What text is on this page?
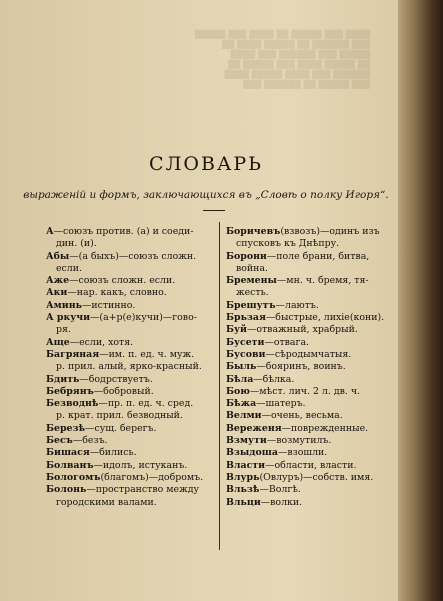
▒▒▒▒ ▒▒▒ ▒▒▒▒▒ ▒▒ ▒▒▒▒ ▒▒▒ ▒▒▒▒▒
▒▒▒ ▒▒▒▒▒▒ ▒▒ ▒▒▒▒▒ ▒▒▒▒ ▒▒
▒▒▒▒▒ ▒▒▒ ▒▒▒▒▒▒ ▒▒▒ ▒▒▒▒
▒▒ ▒▒▒▒▒ ▒▒▒▒ ▒▒▒ ▒▒▒▒▒ ▒▒
▒▒▒▒▒▒ ▒▒▒ ▒▒▒▒ ▒▒▒▒▒ ▒▒▒▒
▒▒▒ ▒▒▒▒▒ ▒▒ ▒▒▒▒▒▒ ▒▒▒
СЛОВАРЬ
выраженій и формъ, заключающихся въ „Словѣ о полку Игоря“.
А—союзъ против. (а) и соеди-
дин. (и).
Абы—(а быхъ)—союзъ сложн.
если.
Аже—союзъ сложн. если.
Аки—нар. какъ, словно.
Аминь—истинно.
А ркучи—(а+р(е)кучи)—гово-
ря.
Аще—если, хотя.
Багряная—им. п. ед. ч. муж.
р. прил. алый, ярко-красный.
Бдить—бодрствуетъ.
Бебрянъ—бобровый.
Безводнѣ—пр. п. ед. ч. сред.
р. крат. прил. безводный.
Березѣ—сущ. берегъ.
Бесъ—безъ.
Бишася—бились.
Болванъ—идолъ, истуканъ.
Бологомъ(благомъ)—добромъ.
Болонь—пространство между
городскими валами.
Боричевъ(взвозъ)—одинъ изъ
спусковъ къ Днѣпру.
Борони—поле брани, битва,
война.
Бремены—мн. ч. бремя, тя-
жесть.
Брешутъ—лаютъ.
Брьзая—быстрые, лихіе(кони).
Буй—отважный, храбрый.
Бусети—отвага.
Бусови—сѣродымчатыя.
Быль—бояринъ, воинъ.
Бѣла—бѣлка.
Бою—мѣст. лич. 2 л. дв. ч.
Бѣжа—шатеръ.
Велми—очень, весьма.
Вереженя—поврежденные.
Взмути—возмутилъ.
Взыдоша—взошли.
Власти—области, власти.
Влурь(Овлуръ)—собств. имя.
Вльзѣ—Волгѣ.
Вльци—волки.
